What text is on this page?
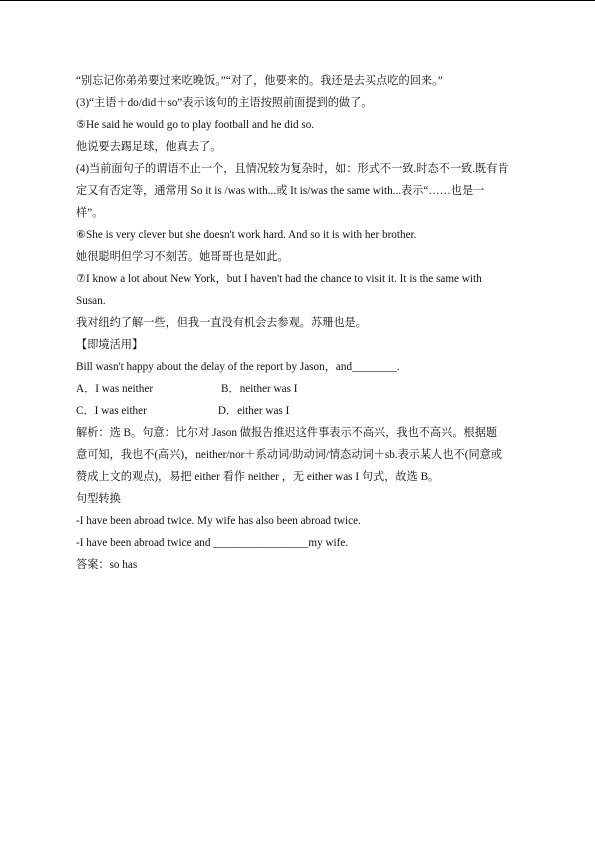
“别忘记你弟弟要过来吃晚饭。”“对了，他要来的。我还是去买点吃的回来。”
(3)“主语＋do/did＋so”表示该句的主语按照前面提到的做了。
⑤He said he would go to play football and he did so.
他说要去踢足球，他真去了。
(4)当前面句子的谓语不止一个，且情况较为复杂时，如：形式不一致.时态不一致.既有肯
定又有否定等，通常用 So it is /was with...或 It is/was the same with...表示“……也是一
样”。
⑥She is very clever but she doesn't work hard. And so it is with her brother.
她很聪明但学习不刻苦。她哥哥也是如此。
⑦I know a lot about New York，but I haven't had the chance to visit it. It is the same with
Susan.
我对纽约了解一些，但我一直没有机会去参观。苏珊也是。
【即境活用】
Bill wasn't happy about the delay of the report by Jason，and________.
A．I was neither	B．neither was I
C．I was either	D．either was I
解析：选 B。句意：比尔对 Jason 做报告推迟这件事表示不高兴，我也不高兴。根据题
意可知，我也不(高兴)，neither/nor＋系动词/助动词/情态动词＋sb.表示某人也不(同意或
赞成上文的观点)，易把 either 看作 neither ，无 either was I 句式，故选 B。
句型转换
-I have been abroad twice. My wife has also been abroad twice.
-I have been abroad twice and _________________my wife.
答案：so has
